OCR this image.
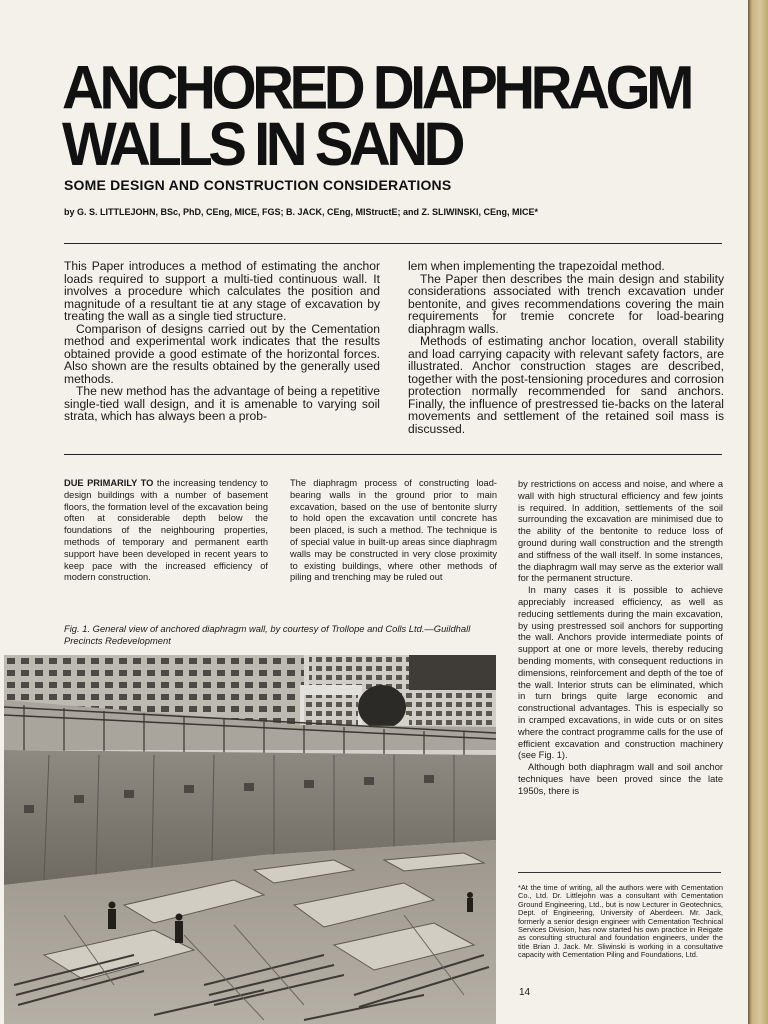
ANCHORED DIAPHRAGM
WALLS IN SAND

SOME DESIGN AND CONSTRUCTION CONSIDERATIONS

by G. S. LITTLEJOHN, BSc, PhD, CEng, MICE, FGS; B. JACK, CEng, MIStructE; and Z. SLIWINSKI, CEng, MICE*

This Paper introduces a method of estimating the anchor loads required to support a multi-tied continuous wall. It involves a procedure which calculates the position and magnitude of a resultant tie at any stage of excavation by treating the wall as a single tied structure.

Comparison of designs carried out by the Cementation method and experimental work indicates that the results obtained provide a good estimate of the horizontal forces. Also shown are the results obtained by the generally used methods.

The new method has the advantage of being a repetitive single-tied wall design, and it is amenable to varying soil strata, which has always been a prob-

lem when implementing the trapezoidal method.

The Paper then describes the main design and stability considerations associated with trench excavation under bentonite, and gives recommendations covering the main requirements for tremie concrete for load-bearing diaphragm walls.

Methods of estimating anchor location, overall stability and load carrying capacity with relevant safety factors, are illustrated. Anchor construction stages are described, together with the post-tensioning procedures and corrosion protection normally recommended for sand anchors. Finally, the influence of prestressed tie-backs on the lateral movements and settlement of the retained soil mass is discussed.

DUE PRIMARILY TO the increasing tendency to design buildings with a number of basement floors, the formation level of the excavation being often at considerable depth below the foundations of the neighbouring properties, methods of temporary and permanent earth support have been developed in recent years to keep pace with the increased efficiency of modern construction.

The diaphragm process of constructing load-bearing walls in the ground prior to main excavation, based on the use of bentonite slurry to hold open the excavation until concrete has been placed, is such a method. The technique is of special value in built-up areas since diaphragm walls may be constructed in very close proximity to existing buildings, where other methods of piling and trenching may be ruled out

by restrictions on access and noise, and where a wall with high structural efficiency and few joints is required. In addition, settlements of the soil surrounding the excavation are minimised due to the ability of the bentonite to reduce loss of ground during wall construction and the strength and stiffness of the wall itself. In some instances, the diaphragm wall may serve as the exterior wall for the permanent structure.

In many cases it is possible to achieve appreciably increased efficiency, as well as reducing settlements during the main excavation, by using prestressed soil anchors for supporting the wall. Anchors provide intermediate points of support at one or more levels, thereby reducing bending moments, with consequent reductions in dimensions, reinforcement and depth of the toe of the wall. Interior struts can be eliminated, which in turn brings quite large economic and constructional advantages. This is especially so in cramped excavations, in wide cuts or on sites where the contract programme calls for the use of efficient excavation and construction machinery (see Fig. 1).

Although both diaphragm wall and soil anchor techniques have been proved since the late 1950s, there is

Fig. 1. General view of anchored diaphragm wall, by courtesy of Trollope and Colls Ltd.—Guildhall Precincts Redevelopment

*At the time of writing, all the authors were with Cementation Co., Ltd. Dr. Littlejohn was a consultant with Cementation Ground Engineering, Ltd., but is now Lecturer in Geotechnics, Dept. of Engineering, University of Aberdeen. Mr. Jack, formerly a senior design engineer with Cementation Technical Services Division, has now started his own practice in Reigate as consulting structural and foundation engineers, under the title Brian J. Jack. Mr. Sliwinski is working in a consultative capacity with Cementation Piling and Foundations, Ltd.

14
